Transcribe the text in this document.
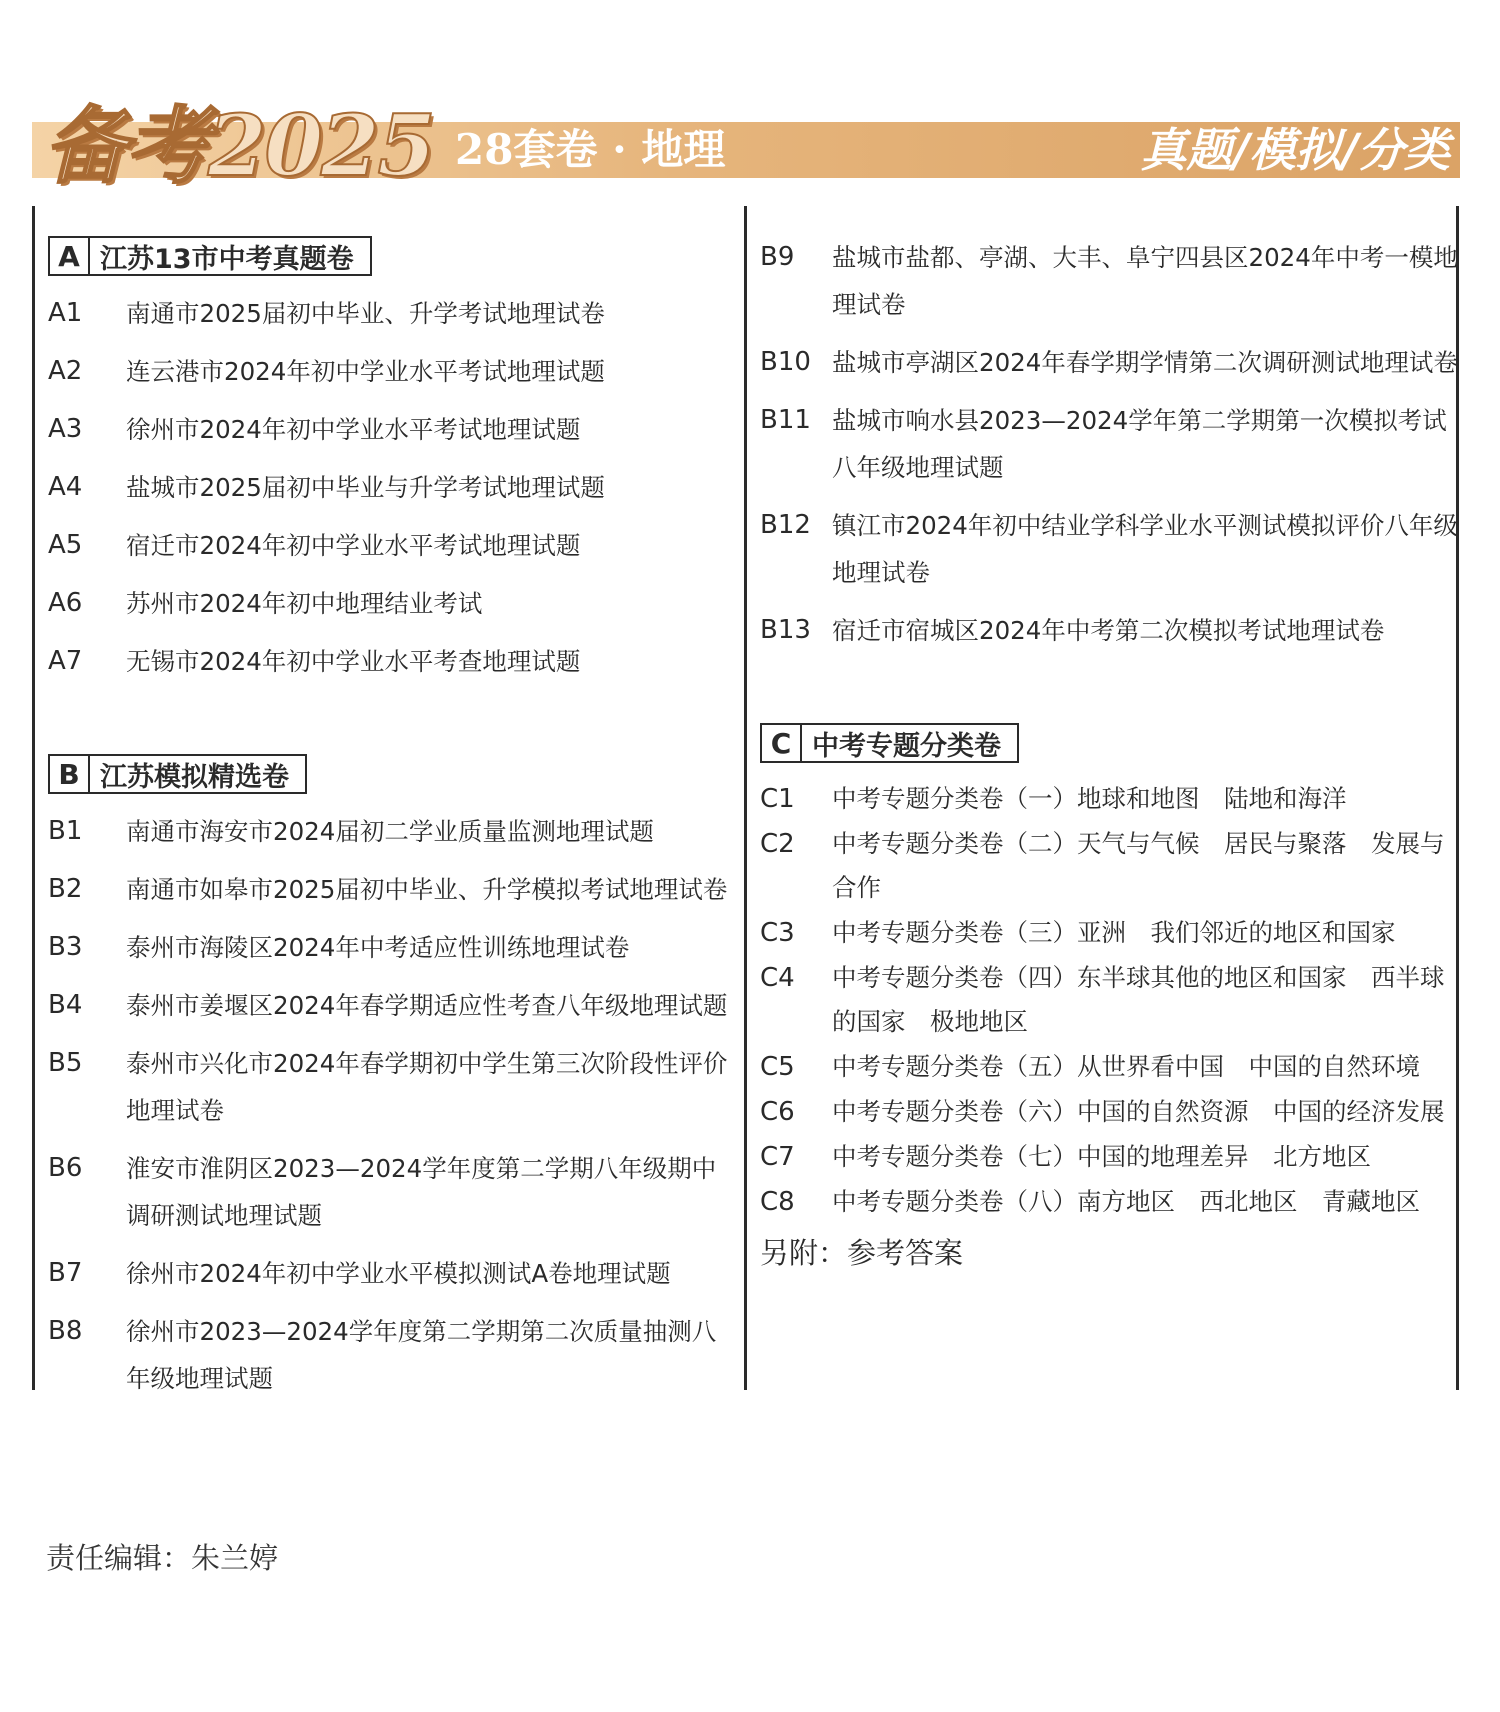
备考2025 28套卷 · 地理	真题/模拟/分类
A 江苏13市中考真题卷
A1	南通市2025届初中毕业、升学考试地理试卷
A2	连云港市2024年初中学业水平考试地理试题
A3	徐州市2024年初中学业水平考试地理试题
A4	盐城市2025届初中毕业与升学考试地理试题
A5	宿迁市2024年初中学业水平考试地理试题
A6	苏州市2024年初中地理结业考试
A7	无锡市2024年初中学业水平考查地理试题
B 江苏模拟精选卷
B1	南通市海安市2024届初二学业质量监测地理试题
B2	南通市如皋市2025届初中毕业、升学模拟考试地理试卷
B3	泰州市海陵区2024年中考适应性训练地理试卷
B4	泰州市姜堰区2024年春学期适应性考查八年级地理试题
B5	泰州市兴化市2024年春学期初中学生第三次阶段性评价地理试卷
B6	淮安市淮阴区2023—2024学年度第二学期八年级期中调研测试地理试题
B7	徐州市2024年初中学业水平模拟测试A卷地理试题
B8	徐州市2023—2024学年度第二学期第二次质量抽测八年级地理试题
B9	盐城市盐都、亭湖、大丰、阜宁四县区2024年中考一模地理试卷
B10 盐城市亭湖区2024年春学期学情第二次调研测试地理试卷
B11 盐城市响水县2023—2024学年第二学期第一次模拟考试八年级地理试题
B12 镇江市2024年初中结业学科学业水平测试模拟评价八年级地理试卷
B13 宿迁市宿城区2024年中考第二次模拟考试地理试卷
C 中考专题分类卷
C1	中考专题分类卷（一）地球和地图　陆地和海洋
C2	中考专题分类卷（二）天气与气候　居民与聚落　发展与合作
C3	中考专题分类卷（三）亚洲　我们邻近的地区和国家
C4	中考专题分类卷（四）东半球其他的地区和国家　西半球的国家　极地地区
C5	中考专题分类卷（五）从世界看中国　中国的自然环境
C6	中考专题分类卷（六）中国的自然资源　中国的经济发展
C7	中考专题分类卷（七）中国的地理差异　北方地区
C8	中考专题分类卷（八）南方地区　西北地区　青藏地区
另附：参考答案
责任编辑：朱兰婷
